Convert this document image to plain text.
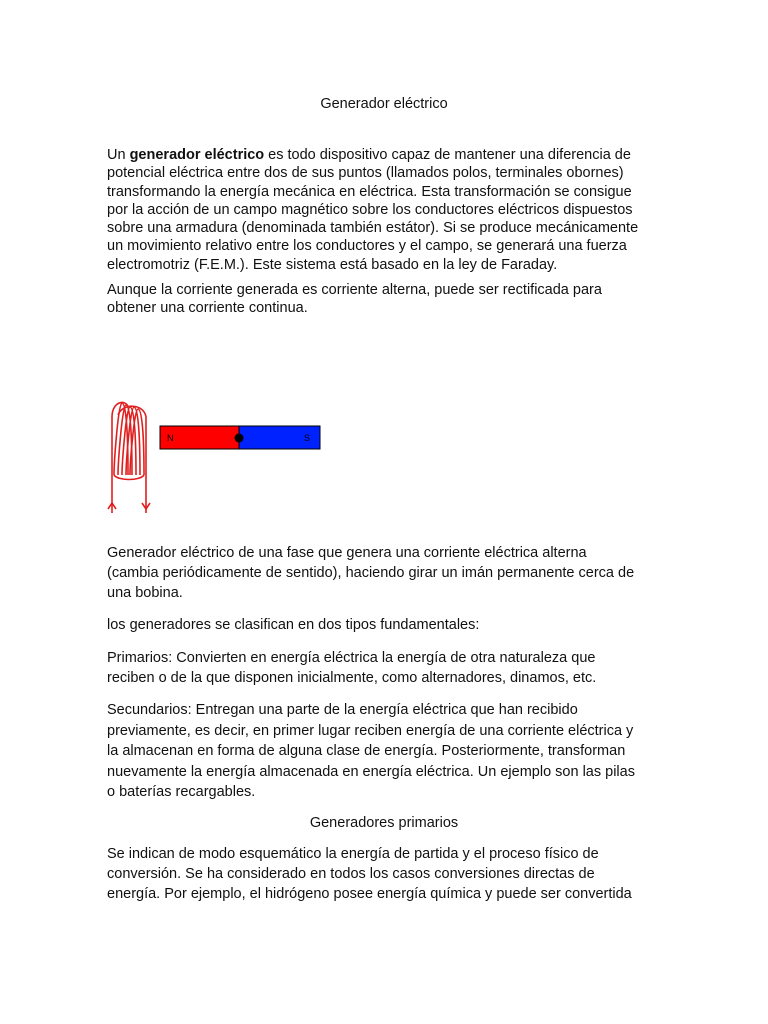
Generador eléctrico

Un generador eléctrico es todo dispositivo capaz de mantener una diferencia de
potencial eléctrica entre dos de sus puntos (llamados polos, terminales obornes)
transformando la energía mecánica en eléctrica. Esta transformación se consigue
por la acción de un campo magnético sobre los conductores eléctricos dispuestos
sobre una armadura (denominada también estátor). Si se produce mecánicamente
un movimiento relativo entre los conductores y el campo, se generará una fuerza
electromotriz (F.E.M.). Este sistema está basado en la ley de Faraday.

Aunque la corriente generada es corriente alterna, puede ser rectificada para
obtener una corriente continua.

N	S

Generador eléctrico de una fase que genera una corriente eléctrica alterna
(cambia periódicamente de sentido), haciendo girar un imán permanente cerca de
una bobina.

los generadores se clasifican en dos tipos fundamentales:

Primarios: Convierten en energía eléctrica la energía de otra naturaleza que
reciben o de la que disponen inicialmente, como alternadores, dinamos, etc.

Secundarios: Entregan una parte de la energía eléctrica que han recibido
previamente, es decir, en primer lugar reciben energía de una corriente eléctrica y
la almacenan en forma de alguna clase de energía. Posteriormente, transforman
nuevamente la energía almacenada en energía eléctrica. Un ejemplo son las pilas
o baterías recargables.

Generadores primarios

Se indican de modo esquemático la energía de partida y el proceso físico de
conversión. Se ha considerado en todos los casos conversiones directas de
energía. Por ejemplo, el hidrógeno posee energía química y puede ser convertida
